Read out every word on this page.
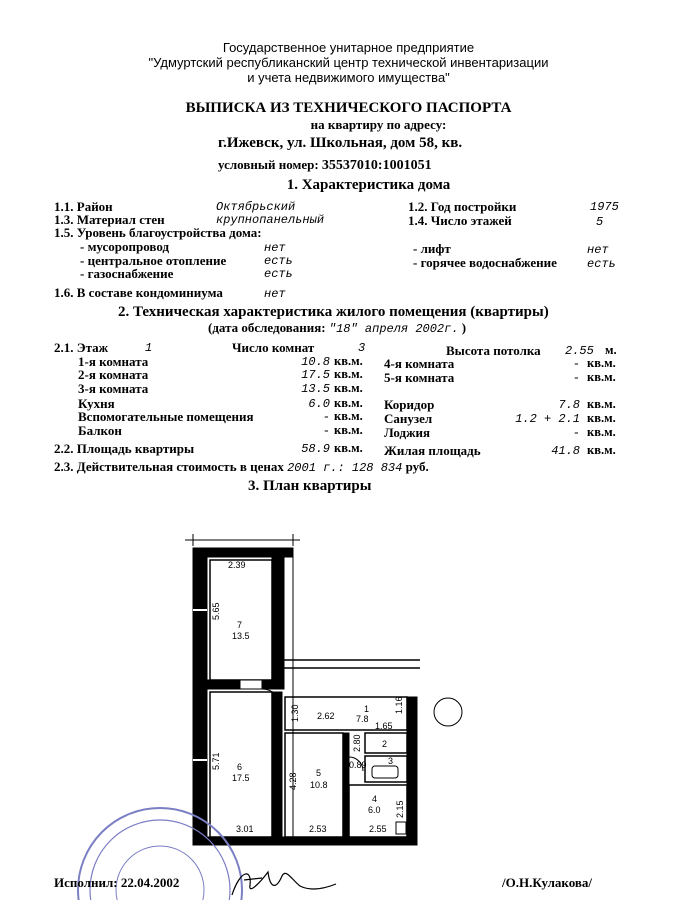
Государственное унитарное предприятие
"Удмуртский республиканский центр технической инвентаризации
и учета недвижимого имущества"
ВЫПИСКА ИЗ ТЕХНИЧЕСКОГО ПАСПОРТА
на квартиру по адресу:
г.Ижевск, ул. Школьная, дом 58, кв.
условный номер: 35537010:1001051
1. Характеристика дома
1.1. Район	Октябрьский	1.2. Год постройки	1975
1.3. Материал стен	крупнопанельный	1.4. Число этажей	5
1.5. Уровень благоустройства дома:
- мусоропровод	нет	- лифт	нет
- центральное отопление	есть	- горячее водоснабжение	есть
- газоснабжение	есть
1.6. В составе кондоминиума	нет
2. Техническая характеристика жилого помещения (квартиры)
(дата обследования: "18" апреля 2002г. )
2.1. Этаж	1	Число комнат	3	Высота потолка 2.55 м.
1-я комната	10.8 кв.м.
2-я комната	17.5 кв.м.
3-я комната	13.5 кв.м.
Кухня	6.0 кв.м.
Вспомогательные помещения	- кв.м.
Балкон	- кв.м.
4-я комната	- кв.м.
5-я комната	- кв.м.
Коридор	7.8 кв.м.
Санузел	1.2 + 2.1 кв.м.
Лоджия	- кв.м.
2.2. Площадь квартиры	58.9 кв.м. Жилая площадь	41.8 кв.м.
2.3. Действительная стоимость в ценах 2001 г.: 128 834 руб.
3. План квартиры
2.39
5.65
7
13.5
6
17.5
5.71
3.01
1.30 2.62
1
7.8
1.16
1.65
2.80 2
3
0.89
5
10.8
4.28
4
6.0 2.15
2.53	2.55
Исполнил: 22.04.2002	/О.Н.Кулакова/
